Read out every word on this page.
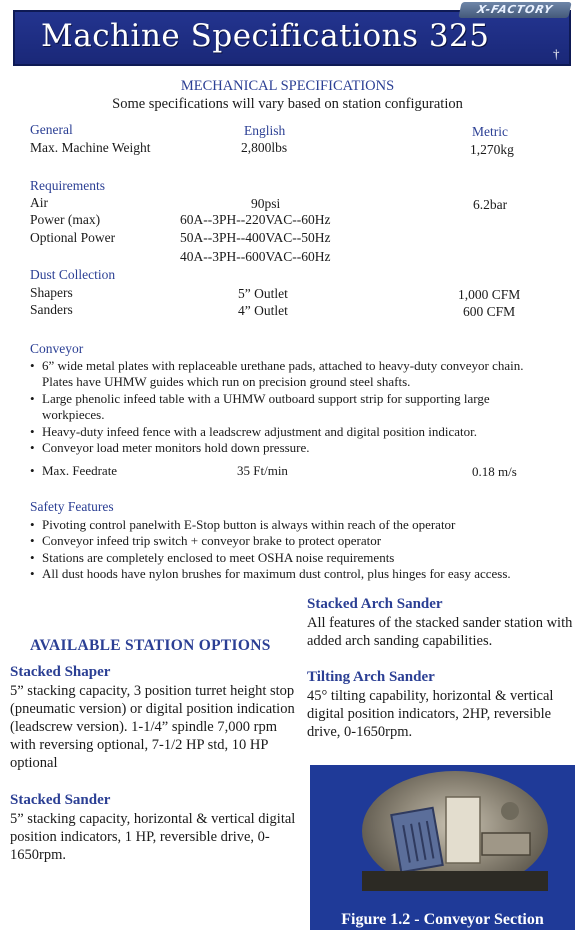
Machine Specifications 325	†
X-FACTORY
MECHANICAL SPECIFICATIONS
Some specifications will vary based on station configuration
General	English	Metric
Max. Machine Weight	2,800lbs	1,270kg
Requirements
Air	90psi	6.2bar
Power (max)	60A--3PH--220VAC--60Hz
Optional Power	50A--3PH--400VAC--50Hz
40A--3PH--600VAC--60Hz
Dust Collection
Shapers	5” Outlet	1,000 CFM
Sanders	4” Outlet	600 CFM
Conveyor
• 6” wide metal plates with replaceable urethane pads, attached to heavy-duty conveyor chain. Plates have UHMW guides which run on precision ground steel shafts.
• Large phenolic infeed table with a UHMW outboard support strip for supporting large workpieces.
• Heavy-duty infeed fence with a leadscrew adjustment and digital position indicator.
• Conveyor load meter monitors hold down pressure.
• Max. Feedrate	35 Ft/min	0.18 m/s
Safety Features
• Pivoting control panelwith E-Stop button is always within reach of the operator
• Conveyor infeed trip switch + conveyor brake to protect operator
• Stations are completely enclosed to meet OSHA noise requirements
• All dust hoods have nylon brushes for maximum dust control, plus hinges for easy access.
AVAILABLE STATION OPTIONS
Stacked Shaper
5” stacking capacity, 3 position turret height stop (pneumatic version) or digital position indication (leadscrew version). 1-1/4” spindle 7,000 rpm with reversing optional, 7-1/2 HP std, 10 HP optional
Stacked Sander
5” stacking capacity, horizontal & vertical digital position indicators, 1 HP, reversible drive, 0-1650rpm.
Stacked Arch Sander
All features of the stacked sander station with added arch sanding capabilities.
Tilting Arch Sander
45° tilting capability, horizontal & vertical digital position indicators, 2HP, reversible drive, 0-1650rpm.
Figure 1.2 - Conveyor Section
